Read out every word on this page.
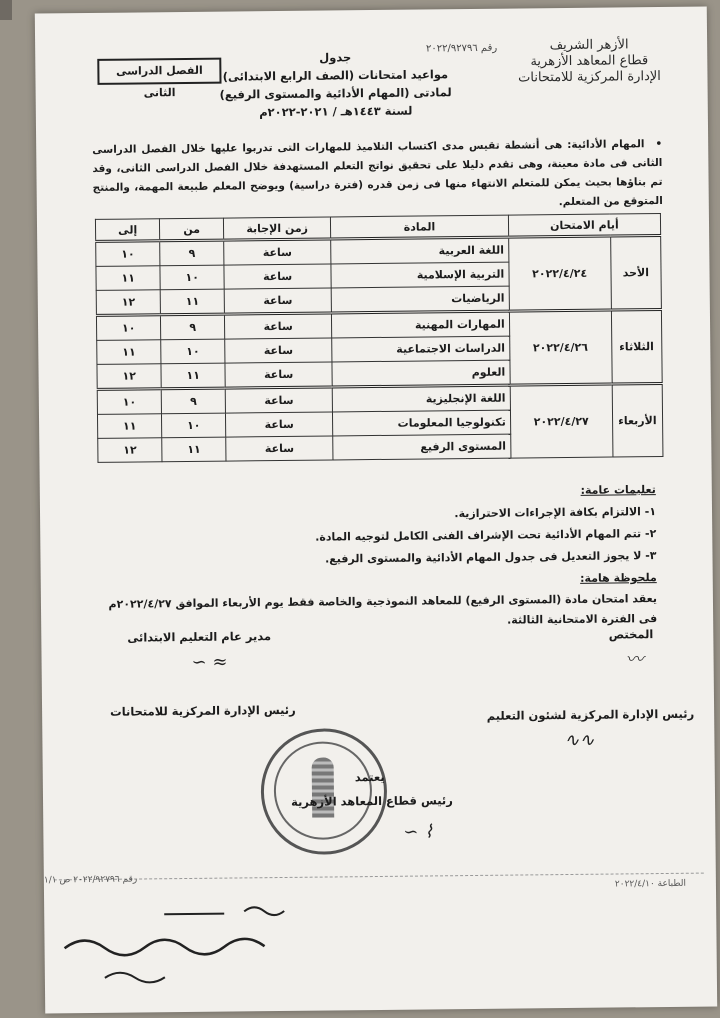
الأزهر الشريف
قطاع المعاهد الأزهرية
الإدارة المركزية للامتحانات
رقم ٢٠٢٢/٩٢٧٩٦
جدول
مواعيد امتحانات (الصف الرابع الابتدائى)
لمادتى (المهام الأدائية والمستوى الرفيع)
لسنة ١٤٤٣هـ / ٢٠٢١-٢٠٢٢م
الفصل الدراسى الثانى
• المهام الأدائية: هى أنشطة تقيس مدى اكتساب التلاميذ للمهارات التى تدربوا عليها خلال الفصل الدراسى الثانى فى مادة معينة، وهى تقدم دليلا على تحقيق نواتج التعلم المستهدفة خلال الفصل الدراسى الثانى، وقد تم بناؤها بحيث يمكن للمتعلم الانتهاء منها فى زمن قدره (فترة دراسية) ويوضح المعلم طبيعة المهمة، والمنتج المتوقع من المتعلم.
أيام الامتحان		المادة	زمن الإجابة	من	إلى
الأحد	٢٠٢٢/٤/٢٤	اللغة العربية	ساعة	٩	١٠
		التربية الإسلامية	ساعة	١٠	١١
		الرياضيات	ساعة	١١	١٢
الثلاثاء	٢٠٢٢/٤/٢٦	المهارات المهنية	ساعة	٩	١٠
		الدراسات الاجتماعية	ساعة	١٠	١١
		العلوم	ساعة	١١	١٢
الأربعاء	٢٠٢٢/٤/٢٧	اللغة الإنجليزية	ساعة	٩	١٠
		تكنولوجيا المعلومات	ساعة	١٠	١١
		المستوى الرفيع	ساعة	١١	١٢
تعليمات عامة:
١- الالتزام بكافة الإجراءات الاحترازية.
٢- تتم المهام الأدائية تحت الإشراف الفنى الكامل لتوجيه المادة.
٣- لا يجوز التعديل فى جدول المهام الأدائية والمستوى الرفيع.
ملحوظة هامة:
يعقد امتحان مادة (المستوى الرفيع) للمعاهد النموذجية والخاصة فقط يوم الأربعاء الموافق ٢٠٢٢/٤/٢٧م فى الفترة الامتحانية الثالثة.
المختص
〰
مدير عام التعليم الابتدائى
∽ ≈
رئيس الإدارة المركزية للامتحانات	رئيس الإدارة المركزية لشئون التعليم
∿∿
يعتمد
رئيس قطاع المعاهد الأزهرية
∽ ⌇
رقم ٢٠٢٢/٩٢٧٩٦ ص ١/١	الطباعة ٢٠٢٢/٤/١٠
